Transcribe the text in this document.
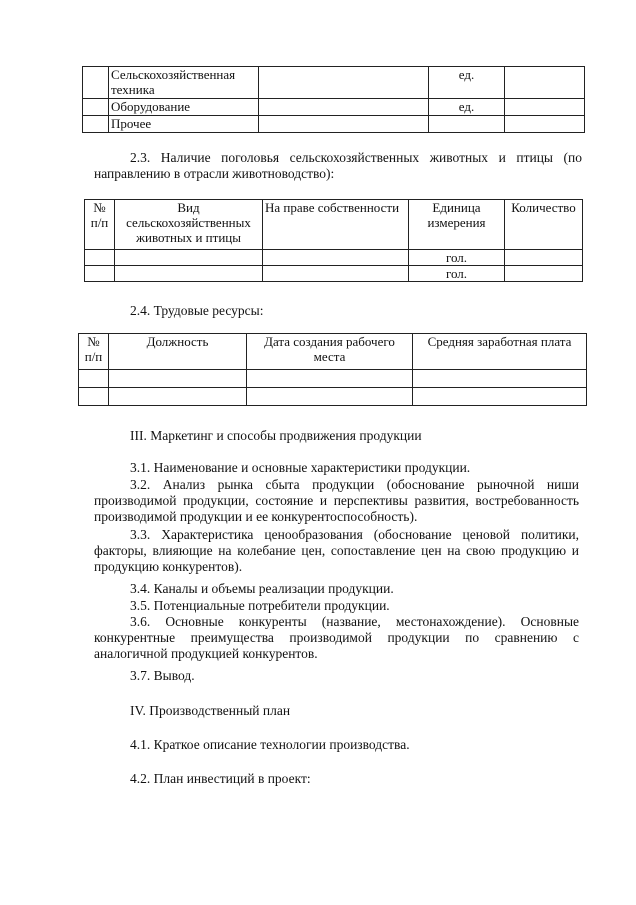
	Сельскохозяйственная техника		ед.	
	Оборудование		ед.	
	Прочее			
2.3. Наличие поголовья сельскохозяйственных животных и птицы (по направлению в отрасли животноводство):
№ п/п	Вид сельскохозяйственных животных и птицы	На праве собственности	Единица измерения	Количество
			гол.	
			гол.	
2.4. Трудовые ресурсы:
№ п/п	Должность	Дата создания рабочего места	Средняя заработная плата

III. Маркетинг и способы продвижения продукции
3.1. Наименование и основные характеристики продукции.
3.2. Анализ рынка сбыта продукции (обоснование рыночной ниши производимой продукции, состояние и перспективы развития, востребованность производимой продукции и ее конкурентоспособность).
3.3. Характеристика ценообразования (обоснование ценовой политики, факторы, влияющие на колебание цен, сопоставление цен на свою продукцию и продукцию конкурентов).
3.4. Каналы и объемы реализации продукции.
3.5. Потенциальные потребители продукции.
3.6. Основные конкуренты (название, местонахождение). Основные конкурентные преимущества производимой продукции по сравнению с аналогичной продукцией конкурентов.
3.7. Вывод.
IV. Производственный план
4.1. Краткое описание технологии производства.
4.2. План инвестиций в проект:
